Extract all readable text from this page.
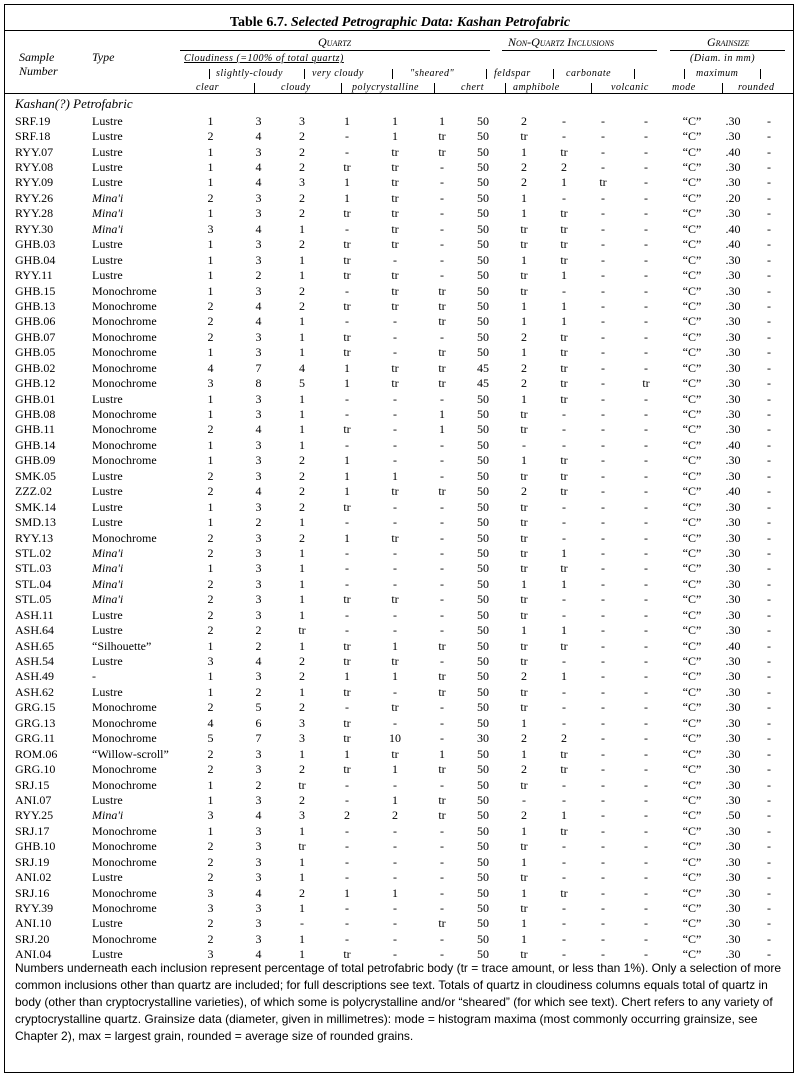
Table 6.7. Selected Petrographic Data: Kashan Petrofabric
Sample
Number
Type
Quartz	Non-Quartz Inclusions	Grainsize
Cloudiness (=100% of total quartz)	(Diam. in mm)
slightly-cloudy	very cloudy	"sheared"	feldspar	carbonate	maximum
clear	cloudy	polycrystalline	chert	amphibole	volcanic mode	rounded
Kashan(?) Petrofabric
SRF.19	Lustre	1	3	3	1	1	1	50	2	-	-	-	“C”	.30	-
SRF.18	Lustre	2	4	2	-	1	tr	50	tr	-	-	-	“C”	.30	-
RYY.07	Lustre	1	3	2	-	tr	tr	50	1	tr	-	-	“C”	.40	-
RYY.08	Lustre	1	4	2	tr	tr	-	50	2	2	-	-	“C”	.30	-
RYY.09	Lustre	1	4	3	1	tr	-	50	2	1	tr	-	“C”	.30	-
RYY.26	Mina'i	2	3	2	1	tr	-	50	1	-	-	-	“C”	.20	-
RYY.28	Mina'i	1	3	2	tr	tr	-	50	1	tr	-	-	“C”	.30	-
RYY.30	Mina'i	3	4	1	-	tr	-	50	tr	tr	-	-	“C”	.40	-
GHB.03	Lustre	1	3	2	tr	tr	-	50	tr	tr	-	-	“C”	.40	-
GHB.04	Lustre	1	3	1	tr	-	-	50	1	tr	-	-	“C”	.30	-
RYY.11	Lustre	1	2	1	tr	tr	-	50	tr	1	-	-	“C”	.30	-
GHB.15	Monochrome	1	3	2	-	tr	tr	50	tr	-	-	-	“C”	.30	-
GHB.13	Monochrome	2	4	2	tr	tr	tr	50	1	1	-	-	“C”	.30	-
GHB.06	Monochrome	2	4	1	-	-	tr	50	1	1	-	-	“C”	.30	-
GHB.07	Monochrome	2	3	1	tr	-	-	50	2	tr	-	-	“C”	.30	-
GHB.05	Monochrome	1	3	1	tr	-	tr	50	1	tr	-	-	“C”	.30	-
GHB.02	Monochrome	4	7	4	1	tr	tr	45	2	tr	-	-	“C”	.30	-
GHB.12	Monochrome	3	8	5	1	tr	tr	45	2	tr	-	tr	“C”	.30	-
GHB.01	Lustre	1	3	1	-	-	-	50	1	tr	-	-	“C”	.30	-
GHB.08	Monochrome	1	3	1	-	-	1	50	tr	-	-	-	“C”	.30	-
GHB.11	Monochrome	2	4	1	tr	-	1	50	tr	-	-	-	“C”	.30	-
GHB.14	Monochrome	1	3	1	-	-	-	50	-	-	-	-	“C”	.40	-
GHB.09	Monochrome	1	3	2	1	-	-	50	1	tr	-	-	“C”	.30	-
SMK.05	Lustre	2	3	2	1	1	-	50	tr	tr	-	-	“C”	.30	-
ZZZ.02	Lustre	2	4	2	1	tr	tr	50	2	tr	-	-	“C”	.40	-
SMK.14	Lustre	1	3	2	tr	-	-	50	tr	-	-	-	“C”	.30	-
SMD.13	Lustre	1	2	1	-	-	-	50	tr	-	-	-	“C”	.30	-
RYY.13	Monochrome	2	3	2	1	tr	-	50	tr	-	-	-	“C”	.30	-
STL.02	Mina'i	2	3	1	-	-	-	50	tr	1	-	-	“C”	.30	-
STL.03	Mina'i	1	3	1	-	-	-	50	tr	tr	-	-	“C”	.30	-
STL.04	Mina'i	2	3	1	-	-	-	50	1	1	-	-	“C”	.30	-
STL.05	Mina'i	2	3	1	tr	tr	-	50	tr	-	-	-	“C”	.30	-
ASH.11	Lustre	2	3	1	-	-	-	50	tr	-	-	-	“C”	.30	-
ASH.64	Lustre	2	2	tr	-	-	-	50	1	1	-	-	“C”	.30	-
ASH.65	“Silhouette”	1	2	1	tr	1	tr	50	tr	tr	-	-	“C”	.40	-
ASH.54	Lustre	3	4	2	tr	tr	-	50	tr	-	-	-	“C”	.30	-
ASH.49	-	1	3	2	1	1	tr	50	2	1	-	-	“C”	.30	-
ASH.62	Lustre	1	2	1	tr	-	tr	50	tr	-	-	-	“C”	.30	-
GRG.15	Monochrome	2	5	2	-	tr	-	50	tr	-	-	-	“C”	.30	-
GRG.13	Monochrome	4	6	3	tr	-	-	50	1	-	-	-	“C”	.30	-
GRG.11	Monochrome	5	7	3	tr	10	-	30	2	2	-	-	“C”	.30	-
ROM.06	“Willow-scroll”	2	3	1	1	tr	1	50	1	tr	-	-	“C”	.30	-
GRG.10	Monochrome	2	3	2	tr	1	tr	50	2	tr	-	-	“C”	.30	-
SRJ.15	Monochrome	1	2	tr	-	-	-	50	tr	-	-	-	“C”	.30	-
ANI.07	Lustre	1	3	2	-	1	tr	50	-	-	-	-	“C”	.30	-
RYY.25	Mina'i	3	4	3	2	2	tr	50	2	1	-	-	“C”	.50	-
SRJ.17	Monochrome	1	3	1	-	-	-	50	1	tr	-	-	“C”	.30	-
GHB.10	Monochrome	2	3	tr	-	-	-	50	tr	-	-	-	“C”	.30	-
SRJ.19	Monochrome	2	3	1	-	-	-	50	1	-	-	-	“C”	.30	-
ANI.02	Lustre	2	3	1	-	-	-	50	tr	-	-	-	“C”	.30	-
SRJ.16	Monochrome	3	4	2	1	1	-	50	1	tr	-	-	“C”	.30	-
RYY.39	Monochrome	3	3	1	-	-	-	50	tr	-	-	-	“C”	.30	-
ANI.10	Lustre	2	3	-	-	-	tr	50	1	-	-	-	“C”	.30	-
SRJ.20	Monochrome	2	3	1	-	-	-	50	1	-	-	-	“C”	.30	-
ANI.04	Lustre	3	4	1	tr	-	-	50	tr	-	-	-	“C”	.30	-
Numbers underneath each inclusion represent percentage of total petrofabric body (tr = trace amount, or less than 1%). Only a selection of more common inclusions other than quartz are included; for full descriptions see text. Totals of quartz in cloudiness columns equals total of quartz in body (other than cryptocrystalline varieties), of which some is polycrystalline and/or “sheared” (for which see text). Chert refers to any variety of cryptocrystalline quartz. Grainsize data (diameter, given in millimetres): mode = histogram maxima (most commonly occurring grainsize, see Chapter 2), max = largest grain, rounded = average size of rounded grains.
